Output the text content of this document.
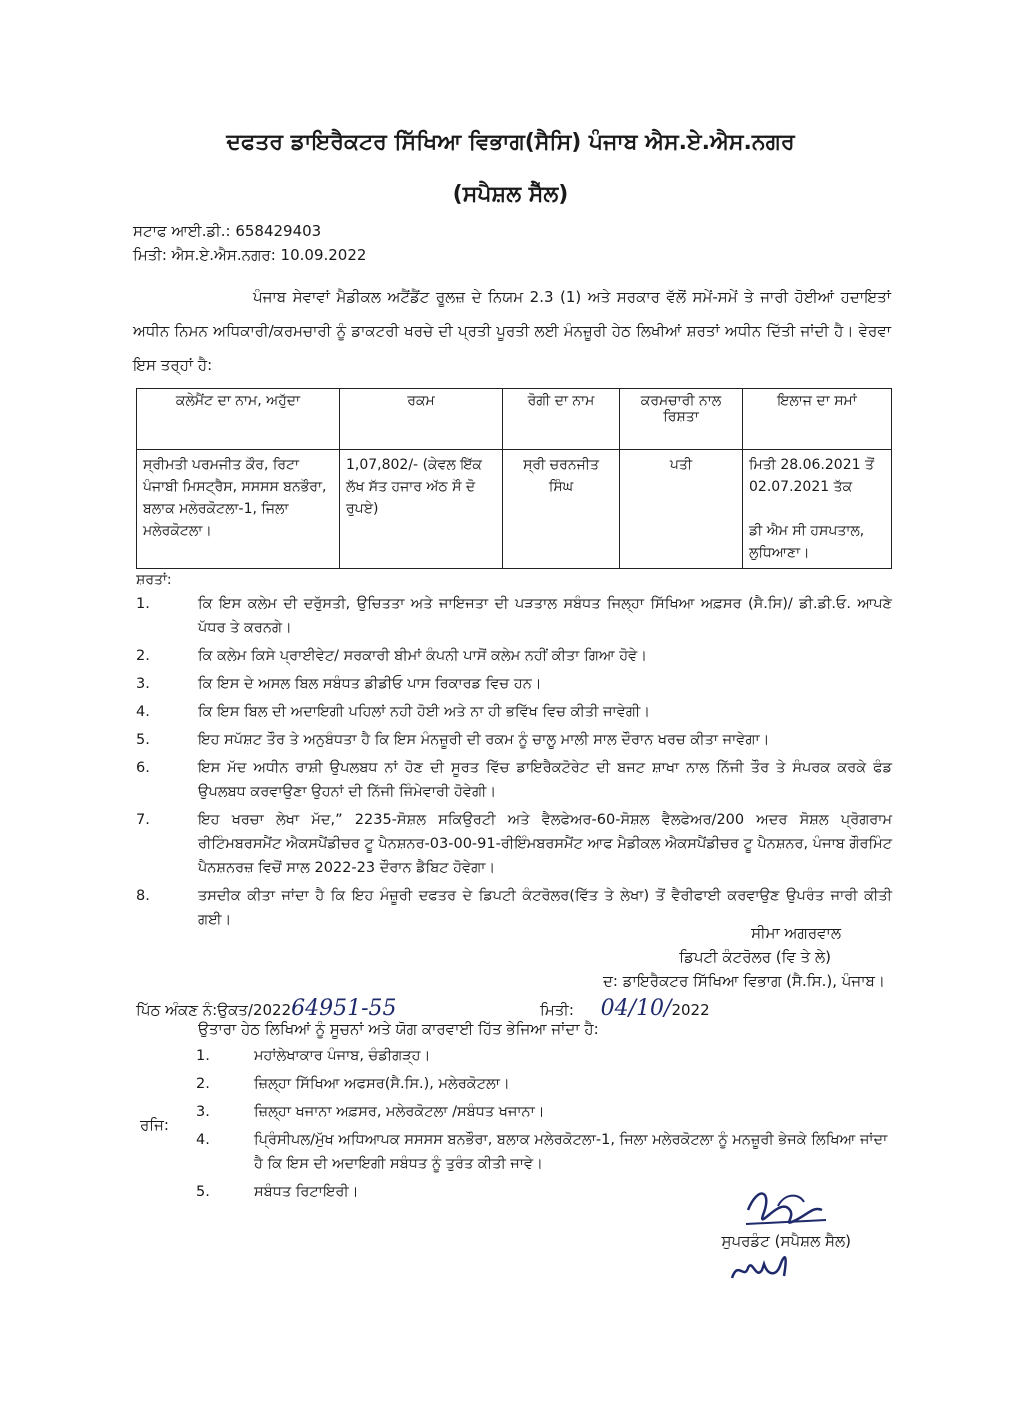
ਦਫਤਰ ਡਾਇਰੈਕਟਰ ਸਿੱਖਿਆ ਵਿਭਾਗ(ਸੈਸਿ) ਪੰਜਾਬ ਐਸ.ਏ.ਐਸ.ਨਗਰ
(ਸਪੈਸ਼ਲ ਸੈੱਲ)
ਸਟਾਫ ਆਈ.ਡੀ.: 658429403
ਮਿਤੀ: ਐਸ.ਏ.ਐਸ.ਨਗਰ: 10.09.2022
ਪੰਜਾਬ ਸੇਵਾਵਾਂ ਮੈਡੀਕਲ ਅਟੈਂਡੈਂਟ ਰੂਲਜ਼ ਦੇ ਨਿਯਮ 2.3 (1) ਅਤੇ ਸਰਕਾਰ ਵੱਲੋਂ ਸਮੇਂ-ਸਮੇਂ ਤੇ ਜਾਰੀ ਹੋਈਆਂ ਹਦਾਇਤਾਂ ਅਧੀਨ ਨਿਮਨ ਅਧਿਕਾਰੀ/ਕਰਮਚਾਰੀ ਨੂੰ ਡਾਕਟਰੀ ਖਰਚੇ ਦੀ ਪ੍ਰਤੀ ਪੂਰਤੀ ਲਈ ਮੰਨਜ਼ੂਰੀ ਹੇਠ ਲਿਖੀਆਂ ਸ਼ਰਤਾਂ ਅਧੀਨ ਦਿੱਤੀ ਜਾਂਦੀ ਹੈ। ਵੇਰਵਾ ਇਸ ਤਰ੍ਹਾਂ ਹੈ:
ਕਲੇਮੈਂਟ ਦਾ ਨਾਮ, ਅਹੁੱਦਾ	ਰਕਮ	ਰੋਗੀ ਦਾ ਨਾਮ	ਕਰਮਚਾਰੀ ਨਾਲ ਰਿਸ਼ਤਾ	ਇਲਾਜ ਦਾ ਸਮਾਂ
ਸ੍ਰੀਮਤੀ ਪਰਮਜੀਤ ਕੌਰ, ਰਿਟਾ ਪੰਜਾਬੀ ਮਿਸਟ੍ਰੈਸ, ਸਸਸਸ ਬਨਭੌਰਾ, ਬਲਾਕ ਮਲੇਰਕੋਟਲਾ-1, ਜਿਲਾ ਮਲੇਰਕੋਟਲਾ।	1,07,802/- (ਕੇਵਲ ਇੱਕ ਲੱਖ ਸੱਤ ਹਜਾਰ ਅੱਠ ਸੌ ਦੋ ਰੁਪਏ)	ਸ੍ਰੀ ਚਰਨਜੀਤ ਸਿੰਘ	ਪਤੀ	ਮਿਤੀ 28.06.2021 ਤੋਂ 02.07.2021 ਤੱਕ
ਡੀ ਐਮ ਸੀ ਹਸਪਤਾਲ, ਲੁਧਿਆਣਾ।
ਸ਼ਰਤਾਂ:
1.	ਕਿ ਇਸ ਕਲੇਮ ਦੀ ਦਰੁੱਸਤੀ, ਉਚਿਤਤਾ ਅਤੇ ਜਾਇਜਤਾ ਦੀ ਪੜਤਾਲ ਸਬੰਧਤ ਜਿਲ੍ਹਾ ਸਿੱਖਿਆ ਅਫ਼ਸਰ (ਸੈ.ਸਿ)/ ਡੀ.ਡੀ.ਓ. ਆਪਣੇ ਪੱਧਰ ਤੇ ਕਰਨਗੇ।
2.	ਕਿ ਕਲੇਮ ਕਿਸੇ ਪ੍ਰਾਈਵੇਟ/ ਸਰਕਾਰੀ ਬੀਮਾਂ ਕੰਪਨੀ ਪਾਸੋਂ ਕਲੇਮ ਨਹੀਂ ਕੀਤਾ ਗਿਆ ਹੋਵੇ।
3.	ਕਿ ਇਸ ਦੇ ਅਸਲ ਬਿਲ ਸਬੰਧਤ ਡੀਡੀਓ ਪਾਸ ਰਿਕਾਰਡ ਵਿਚ ਹਨ।
4.	ਕਿ ਇਸ ਬਿਲ ਦੀ ਅਦਾਇਗੀ ਪਹਿਲਾਂ ਨਹੀ ਹੋਈ ਅਤੇ ਨਾ ਹੀ ਭਵਿੱਖ ਵਿਚ ਕੀਤੀ ਜਾਵੇਗੀ।
5.	ਇਹ ਸਪੱਸ਼ਟ ਤੌਰ ਤੇ ਅਨੁਬੰਧਤਾ ਹੈ ਕਿ ਇਸ ਮੰਨਜ਼ੂਰੀ ਦੀ ਰਕਮ ਨੂੰ ਚਾਲੂ ਮਾਲੀ ਸਾਲ ਦੌਰਾਨ ਖਰਚ ਕੀਤਾ ਜਾਵੇਗਾ।
6.	ਇਸ ਮੱਦ ਅਧੀਨ ਰਾਸ਼ੀ ਉਪਲਬਧ ਨਾਂ ਹੋਣ ਦੀ ਸੂਰਤ ਵਿੱਚ ਡਾਇਰੈਕਟੋਰੇਟ ਦੀ ਬਜਟ ਸ਼ਾਖਾ ਨਾਲ ਨਿੱਜੀ ਤੌਰ ਤੇ ਸੰਪਰਕ ਕਰਕੇ ਫੰਡ ਉਪਲਬਧ ਕਰਵਾਉਣਾ ਉਹਨਾਂ ਦੀ ਨਿੱਜੀ ਜਿੰਮੇਵਾਰੀ ਹੋਵੇਗੀ।
7.	ਇਹ ਖਰਚਾ ਲੇਖਾ ਮੱਦ,” 2235-ਸੋਸ਼ਲ ਸਕਿਉਰਟੀ ਅਤੇ ਵੈਲਫੇਅਰ-60-ਸੋਸ਼ਲ ਵੈਲਫੇਅਰ/200 ਅਦਰ ਸੋਸ਼ਲ ਪ੍ਰੋਗਰਾਮ ਰੀਟਿੰਮਬਰਸਮੈਂਟ ਐਕਸਪੈਂਡੀਚਰ ਟੂ ਪੈਨਸ਼ਨਰ-03-00-91-ਰੀਇੰਮਬਰਸਮੈਂਟ ਆਫ ਮੈਡੀਕਲ ਐਕਸਪੈਂਡੀਚਰ ਟੂ ਪੈਨਸ਼ਨਰ, ਪੰਜਾਬ ਗੌਰਮਿੰਟ ਪੈਨਸ਼ਨਰਜ਼ ਵਿਚੋਂ ਸਾਲ 2022-23 ਦੌਰਾਨ ਡੈਬਿਟ ਹੋਵੇਗਾ।
8.	ਤਸਦੀਕ ਕੀਤਾ ਜਾਂਦਾ ਹੈ ਕਿ ਇਹ ਮੰਜ਼ੂਰੀ ਦਫਤਰ ਦੇ ਡਿਪਟੀ ਕੰਟਰੋਲਰ(ਵਿੱਤ ਤੇ ਲੇਖਾ) ਤੋਂ ਵੈਰੀਫਾਈ ਕਰਵਾਉਣ ਉਪਰੰਤ ਜਾਰੀ ਕੀਤੀ ਗਈ।
ਸੀਮਾ ਅਗਰਵਾਲ
ਡਿਪਟੀ ਕੰਟਰੋਲਰ (ਵਿ ਤੇ ਲੇ)
ਦ: ਡਾਇਰੈਕਟਰ ਸਿੱਖਿਆ ਵਿਭਾਗ (ਸੈ.ਸਿ.), ਪੰਜਾਬ।
ਪਿੱਠ ਅੰਕਣ ਨੰ:ਉਕਤ/202264951-55	ਮਿਤੀ: 04/10/2022
ਉਤਾਰਾ ਹੇਠ ਲਿਖਿਆਂ ਨੂੰ ਸੂਚਨਾਂ ਅਤੇ ਯੋਗ ਕਾਰਵਾਈ ਹਿੱਤ ਭੇਜਿਆ ਜਾਂਦਾ ਹੈ:
ਰਜਿ:
1.	ਮਹਾਂਲੇਖਾਕਾਰ ਪੰਜਾਬ, ਚੰਡੀਗੜ੍ਹ।
2.	ਜ਼ਿਲ੍ਹਾ ਸਿੱਖਿਆ ਅਫਸਰ(ਸੈ.ਸਿ.), ਮਲੇਰਕੋਟਲਾ।
3.	ਜ਼ਿਲ੍ਹਾ ਖਜਾਨਾ ਅਫ਼ਸਰ, ਮਲੇਰਕੋਟਲਾ /ਸਬੰਧਤ ਖਜਾਨਾ।
4.	ਪ੍ਰਿੰਸੀਪਲ/ਮੁੱਖ ਅਧਿਆਪਕ ਸਸਸਸ ਬਨਭੌਰਾ, ਬਲਾਕ ਮਲੇਰਕੋਟਲਾ-1, ਜਿਲਾ ਮਲੇਰਕੋਟਲਾ ਨੂੰ ਮਨਜ਼ੂਰੀ ਭੇਜਕੇ ਲਿਖਿਆ ਜਾਂਦਾ ਹੈ ਕਿ ਇਸ ਦੀ ਅਦਾਇਗੀ ਸਬੰਧਤ ਨੂੰ ਤੁਰੰਤ ਕੀਤੀ ਜਾਵੇ।
5.	ਸਬੰਧਤ ਰਿਟਾਇਰੀ।
ਸੁਪਰਡੰਟ (ਸਪੈਸ਼ਲ ਸੈਲ)
